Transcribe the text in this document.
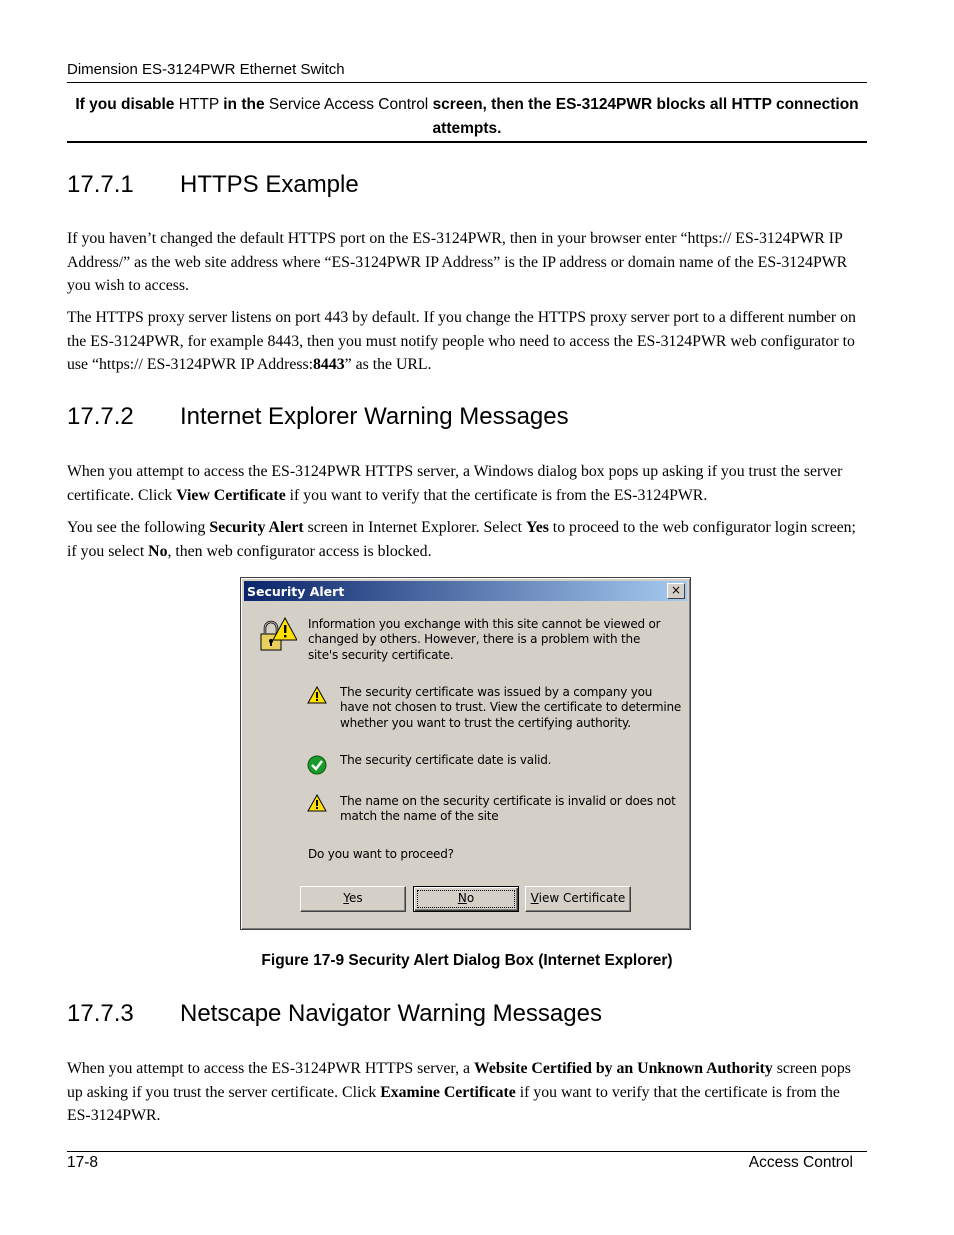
Dimension ES-3124PWR Ethernet Switch
If you disable HTTP in the Service Access Control screen, then the ES-3124PWR blocks all HTTP connection attempts.
17.7.1 HTTPS Example
If you haven’t changed the default HTTPS port on the ES-3124PWR, then in your browser enter “https:// ES-3124PWR IP Address/” as the web site address where “ES-3124PWR IP Address” is the IP address or domain name of the ES-3124PWR you wish to access.
The HTTPS proxy server listens on port 443 by default. If you change the HTTPS proxy server port to a different number on the ES-3124PWR, for example 8443, then you must notify people who need to access the ES-3124PWR web configurator to use “https:// ES-3124PWR IP Address:8443” as the URL.
17.7.2 Internet Explorer Warning Messages
When you attempt to access the ES-3124PWR HTTPS server, a Windows dialog box pops up asking if you trust the server certificate. Click View Certificate if you want to verify that the certificate is from the ES-3124PWR.
You see the following Security Alert screen in Internet Explorer. Select Yes to proceed to the web configurator login screen; if you select No, then web configurator access is blocked.
Security Alert	×
Information you exchange with this site cannot be viewed or changed by others. However, there is a problem with the site's security certificate.
The security certificate was issued by a company you have not chosen to trust. View the certificate to determine whether you want to trust the certifying authority.
The security certificate date is valid.
The name on the security certificate is invalid or does not match the name of the site
Do you want to proceed?
Yes	No	View Certificate
Figure 17-9 Security Alert Dialog Box (Internet Explorer)
17.7.3 Netscape Navigator Warning Messages
When you attempt to access the ES-3124PWR HTTPS server, a Website Certified by an Unknown Authority screen pops up asking if you trust the server certificate. Click Examine Certificate if you want to verify that the certificate is from the ES-3124PWR.
17-8	Access Control
